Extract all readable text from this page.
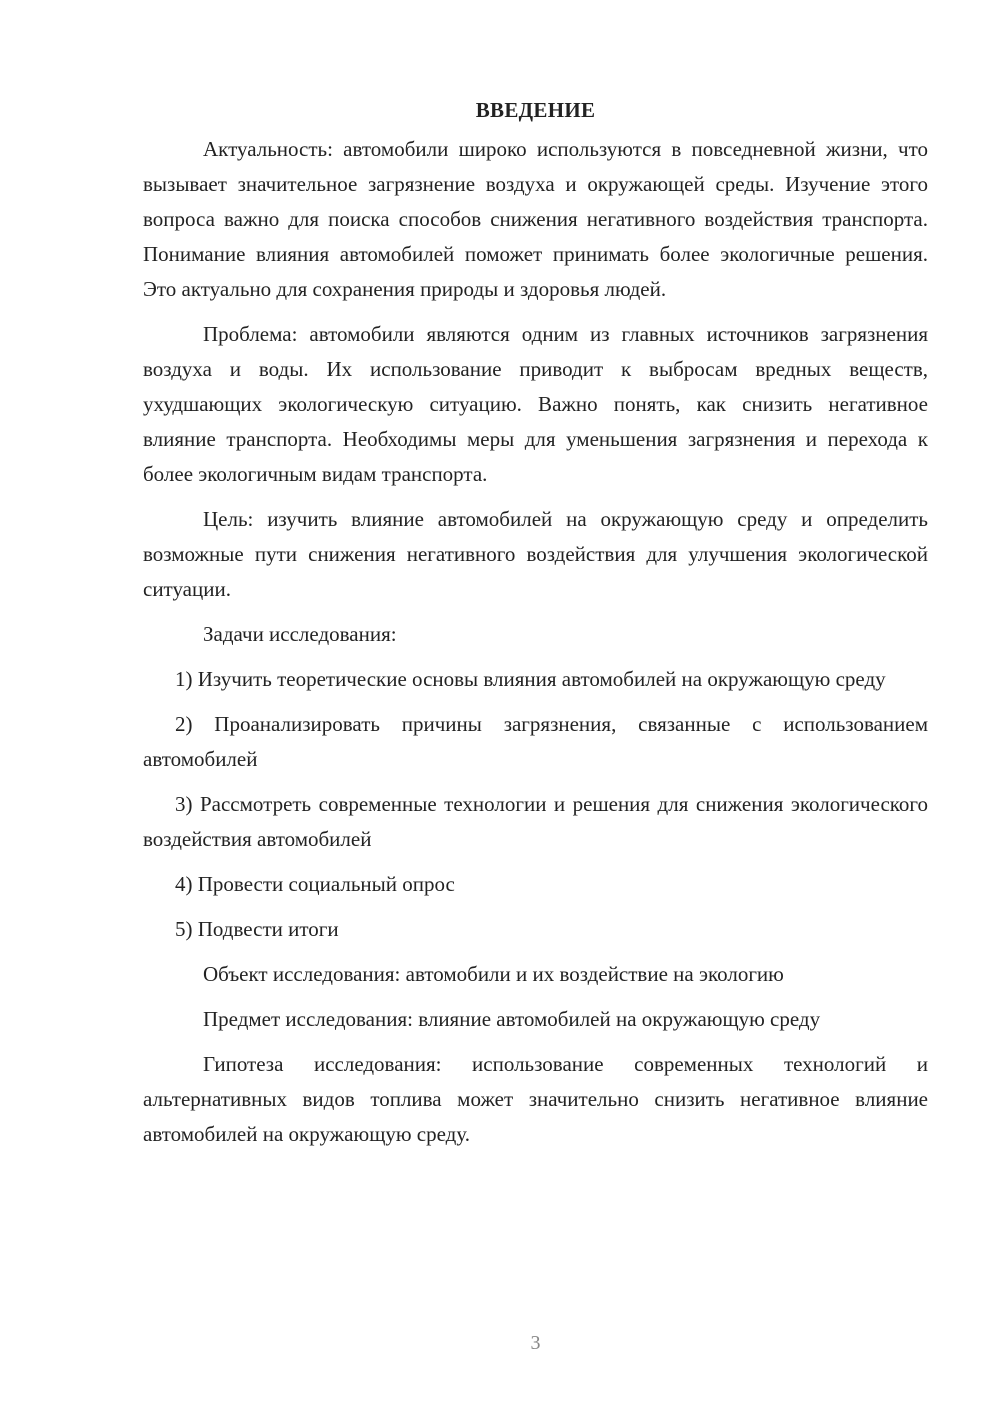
ВВЕДЕНИЕ

Актуальность: автомобили широко используются в повседневной жизни, что вызывает значительное загрязнение воздуха и окружающей среды. Изучение этого вопроса важно для поиска способов снижения негативного воздействия транспорта. Понимание влияния автомобилей поможет принимать более экологичные решения. Это актуально для сохранения природы и здоровья людей.

Проблема: автомобили являются одним из главных источников загрязнения воздуха и воды. Их использование приводит к выбросам вредных веществ, ухудшающих экологическую ситуацию. Важно понять, как снизить негативное влияние транспорта. Необходимы меры для уменьшения загрязнения и перехода к более экологичным видам транспорта.

Цель: изучить влияние автомобилей на окружающую среду и определить возможные пути снижения негативного воздействия для улучшения экологической ситуации.

Задачи исследования:

1) Изучить теоретические основы влияния автомобилей на окружающую среду

2) Проанализировать причины загрязнения, связанные с использованием автомобилей

3) Рассмотреть современные технологии и решения для снижения экологического воздействия автомобилей

4) Провести социальный опрос

5) Подвести итоги

Объект исследования: автомобили и их воздействие на экологию

Предмет исследования: влияние автомобилей на окружающую среду

Гипотеза исследования: использование современных технологий и альтернативных видов топлива может значительно снизить негативное влияние автомобилей на окружающую среду.

3
